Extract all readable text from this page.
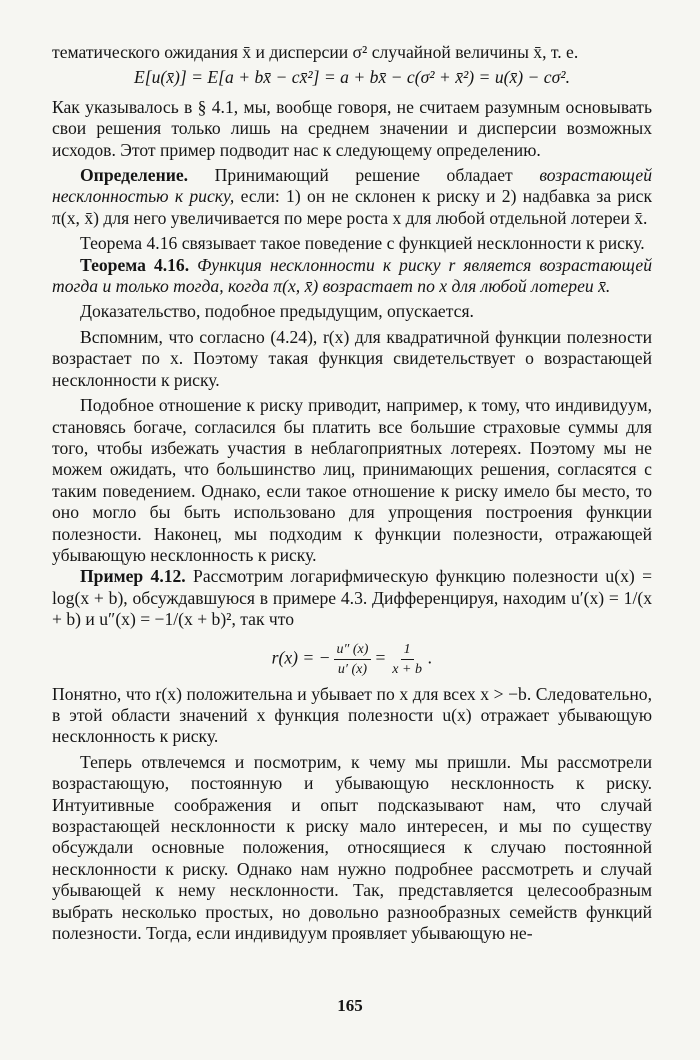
тематического ожидания x̄ и дисперсии σ² случайной величины x̄, т. е.

E[u(x̄)] = E[a + bx̄ − cx̄²] = a + bx̄ − c(σ² + x̄²) = u(x̄) − cσ².

Как указывалось в § 4.1, мы, вообще говоря, не считаем разумным основывать свои решения только лишь на среднем значении и дисперсии возможных исходов. Этот пример подводит нас к следующему определению.

Определение. Принимающий решение обладает возрастающей несклонностью к риску, если: 1) он не склонен к риску и 2) надбавка за риск π(x, x̄) для него увеличивается по мере роста x для любой отдельной лотереи x̄.

Теорема 4.16 связывает такое поведение с функцией несклонности к риску.

Теорема 4.16. Функция несклонности к риску r является возрастающей тогда и только тогда, когда π(x, x̄) возрастает по x для любой лотереи x̄.

Доказательство, подобное предыдущим, опускается.

Вспомним, что согласно (4.24), r(x) для квадратичной функции полезности возрастает по x. Поэтому такая функция свидетельствует о возрастающей несклонности к риску.

Подобное отношение к риску приводит, например, к тому, что индивидуум, становясь богаче, согласился бы платить все большие страховые суммы для того, чтобы избежать участия в неблагоприятных лотереях. Поэтому мы не можем ожидать, что большинство лиц, принимающих решения, согласятся с таким поведением. Однако, если такое отношение к риску имело бы место, то оно могло бы быть использовано для упрощения построения функции полезности. Наконец, мы подходим к функции полезности, отражающей убывающую несклонность к риску.

Пример 4.12. Рассмотрим логарифмическую функцию полезности u(x) = log(x + b), обсуждавшуюся в примере 4.3. Дифференцируя, находим u′(x) = 1/(x + b) и u″(x) = −1/(x + b)², так что

r(x) = − $\frac{u'' (x)}{u' (x)} = \frac{1}{x + b}$ .

Понятно, что r(x) положительна и убывает по x для всех x > −b. Следовательно, в этой области значений x функция полезности u(x) отражает убывающую несклонность к риску.

Теперь отвлечемся и посмотрим, к чему мы пришли. Мы рассмотрели возрастающую, постоянную и убывающую несклонность к риску. Интуитивные соображения и опыт подсказывают нам, что случай возрастающей несклонности к риску мало интересен, и мы по существу обсуждали основные положения, относящиеся к случаю постоянной несклонности к риску. Однако нам нужно подробнее рассмотреть и случай убывающей к нему несклонности. Так, представляется целесообразным выбрать несколько простых, но довольно разнообразных семейств функций полезности. Тогда, если индивидуум проявляет убывающую не-

165
